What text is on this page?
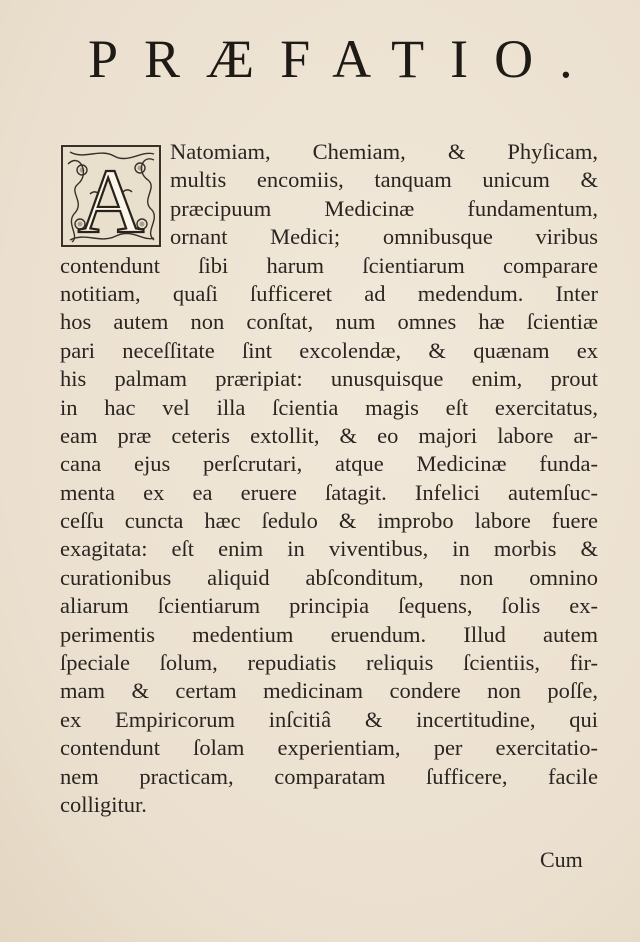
PRÆFATIO.
A	Natomiam, Chemiam, & Phyſicam,
multis encomiis, tanquam unicum &
præcipuum Medicinæ fundamentum,
ornant Medici; omnibusque viribus
contendunt ſibi harum ſcientiarum comparare
notitiam, quaſi ſufficeret ad medendum. Inter
hos autem non conſtat, num omnes hæ ſcientiæ
pari neceſſitate ſint excolendæ, & quænam ex
his palmam præripiat: unusquisque enim, prout
in hac vel illa ſcientia magis eſt exercitatus,
eam præ ceteris extollit, & eo majori labore ar-
cana ejus perſcrutari, atque Medicinæ funda-
menta ex ea eruere ſatagit. Infelici autemſuc-
ceſſu cuncta hæc ſedulo & improbo labore fuere
exagitata: eſt enim in viventibus, in morbis &
curationibus aliquid abſconditum, non omnino
aliarum ſcientiarum principia ſequens, ſolis ex-
perimentis medentium eruendum. Illud autem
ſpeciale ſolum, repudiatis reliquis ſcientiis, fir-
mam & certam medicinam condere non poſſe,
ex Empiricorum inſcitiâ & incertitudine, qui
contendunt ſolam experientiam, per exercitatio-
nem practicam, comparatam ſufficere, facile
colligitur.
Cum
